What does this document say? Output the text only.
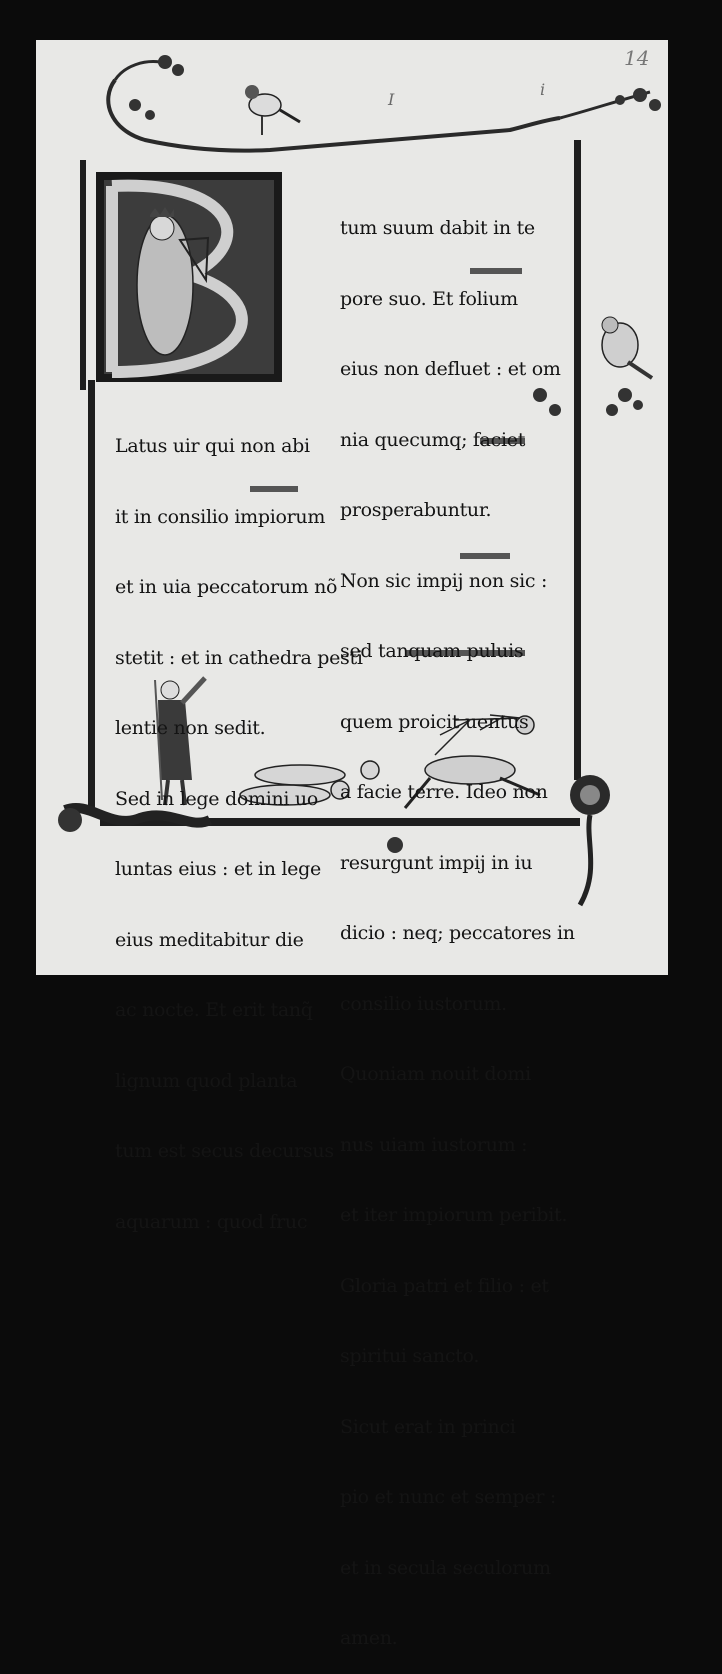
14
I
i

Latus uir qui non abi

it in consilio impiorum

et in uia peccatorum nõ

stetit : et in cathedra pesti

lentie non sedit.

Sed in lege domini uo

luntas eius : et in lege

eius meditabitur die

ac nocte. Et erit tanq̃

lignum quod planta

tum est secus decursus

aquarum : quod fruc

tum suum dabit in te

pore suo. Et folium

eius non defluet : et om

nia quecumq; faciet

prosperabuntur.

Non sic impij non sic :

sed tanquam puluis

quem proicit uentus

a facie terre. Ideo non

resurgunt impij in iu

dicio : neq; peccatores in

consilio iustorum.

Quoniam nouit domi

nus uiam iustorum :

et iter impiorum peribit.

Gloria patri et filio : et

spiritui sancto.

Sicut erat in princi

pio et nunc et semper :

et in secula seculorum

amen.
